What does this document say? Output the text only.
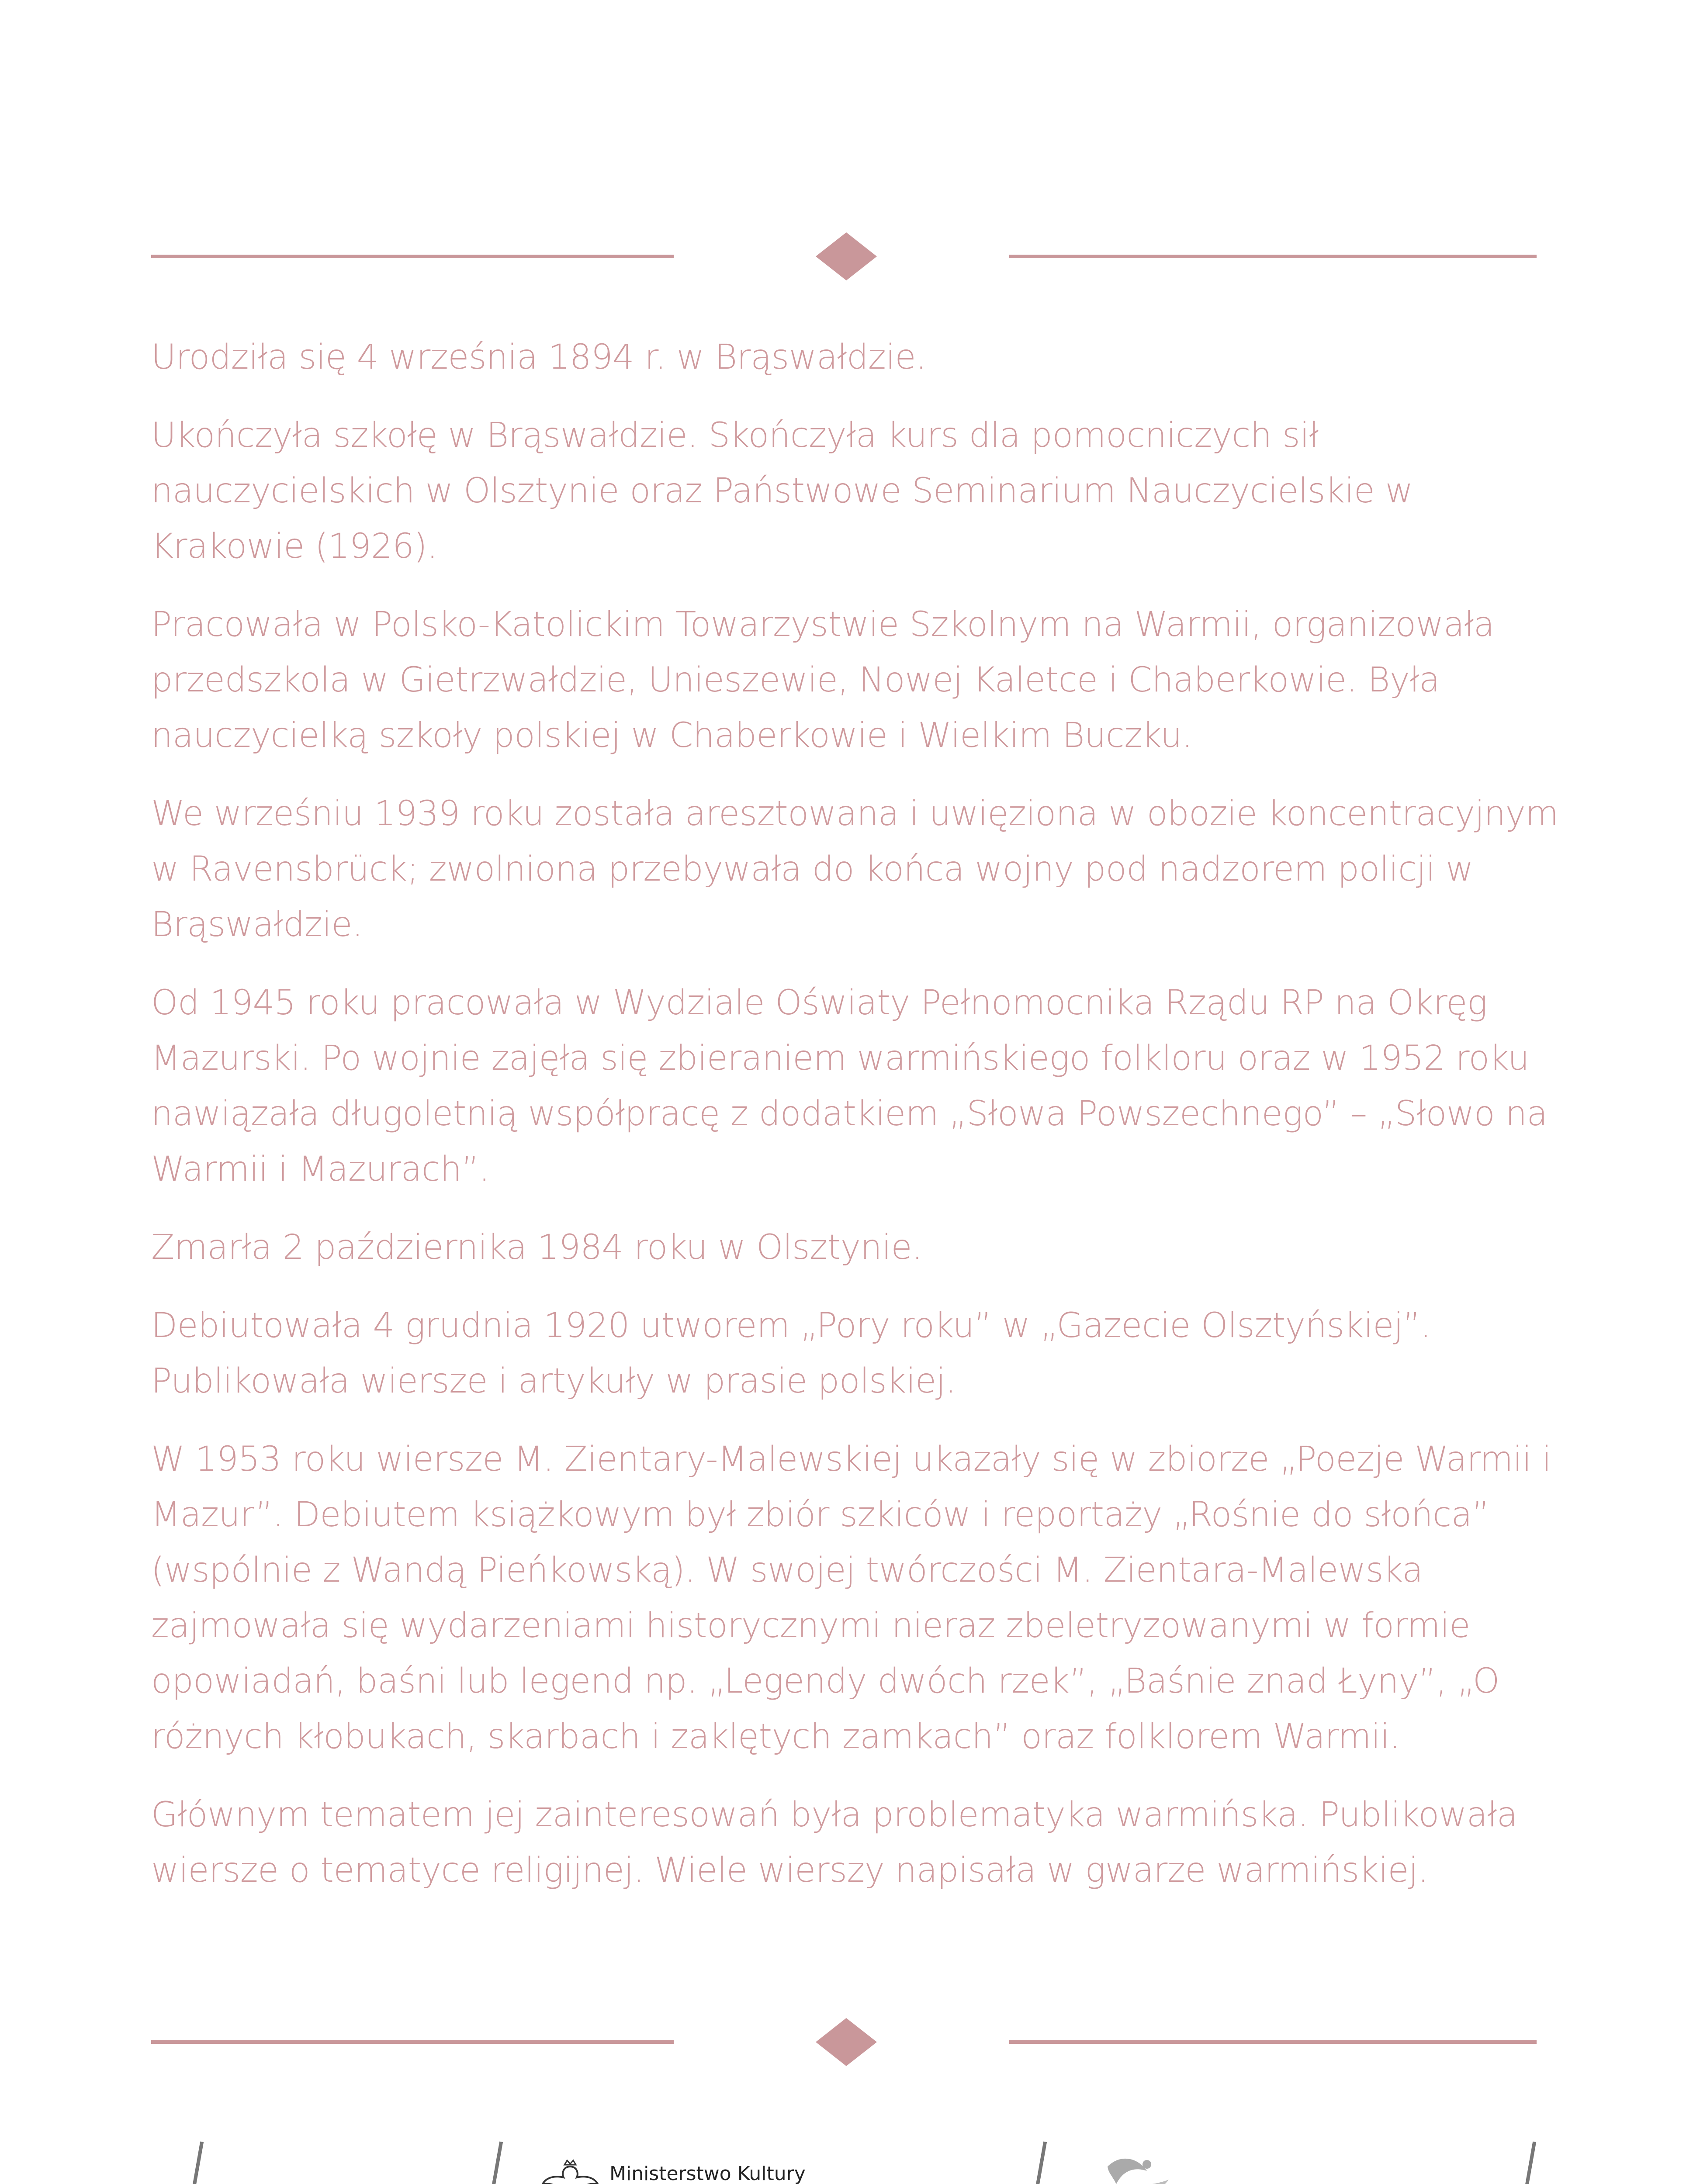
Urodziła się 4 września 1894 r. w Brąswałdzie.

Ukończyła szkołę w Brąswałdzie. Skończyła kurs dla pomocniczych sił nauczycielskich w Olsztynie oraz Państwowe Seminarium Nauczycielskie w Krakowie (1926).

Pracowała w Polsko-Katolickim Towarzystwie Szkolnym na Warmii, organizowała przedszkola w Gietrzwałdzie, Unieszewie, Nowej Kaletce i Chaberkowie. Była nauczycielką szkoły polskiej w Chaberkowie i Wielkim Buczku.

We wrześniu 1939 roku została aresztowana i uwięziona w obozie koncentracyjnym w Ravensbrück; zwolniona przebywała do końca wojny pod nadzorem policji w Brąswałdzie.

Od 1945 roku pracowała w Wydziale Oświaty Pełnomocnika Rządu RP na Okręg Mazurski. Po wojnie zajęła się zbieraniem warmińskiego folkloru oraz w 1952 roku nawiązała długoletnią współpracę z dodatkiem „Słowa Powszechnego” – „Słowo na Warmii i Mazurach”.

Zmarła 2 października 1984 roku w Olsztynie.

Debiutowała 4 grudnia 1920 utworem „Pory roku” w „Gazecie Olsztyńskiej”. Publikowała wiersze i artykuły w prasie polskiej.

W 1953 roku wiersze M. Zientary-Malewskiej ukazały się w zbiorze „Poezje Warmii i Mazur”. Debiutem książkowym był zbiór szkiców i reportaży „Rośnie do słońca” (wspólnie z Wandą Pieńkowską). W swojej twórczości M. Zientara-Malewska zajmowała się wydarzeniami historycznymi nieraz zbeletryzowanymi w formie opowiadań, baśni lub legend np. „Legendy dwóch rzek”, „Baśnie znad Łyny”, „O różnych kłobukach, skarbach i zaklętych zamkach” oraz folklorem Warmii.

Głównym tematem jej zainteresowań była problematyka warmińska. Publikowała wiersze o tematyce religijnej. Wiele wierszy napisała w gwarze warmińskiej.

Ministerstwo Kultury
